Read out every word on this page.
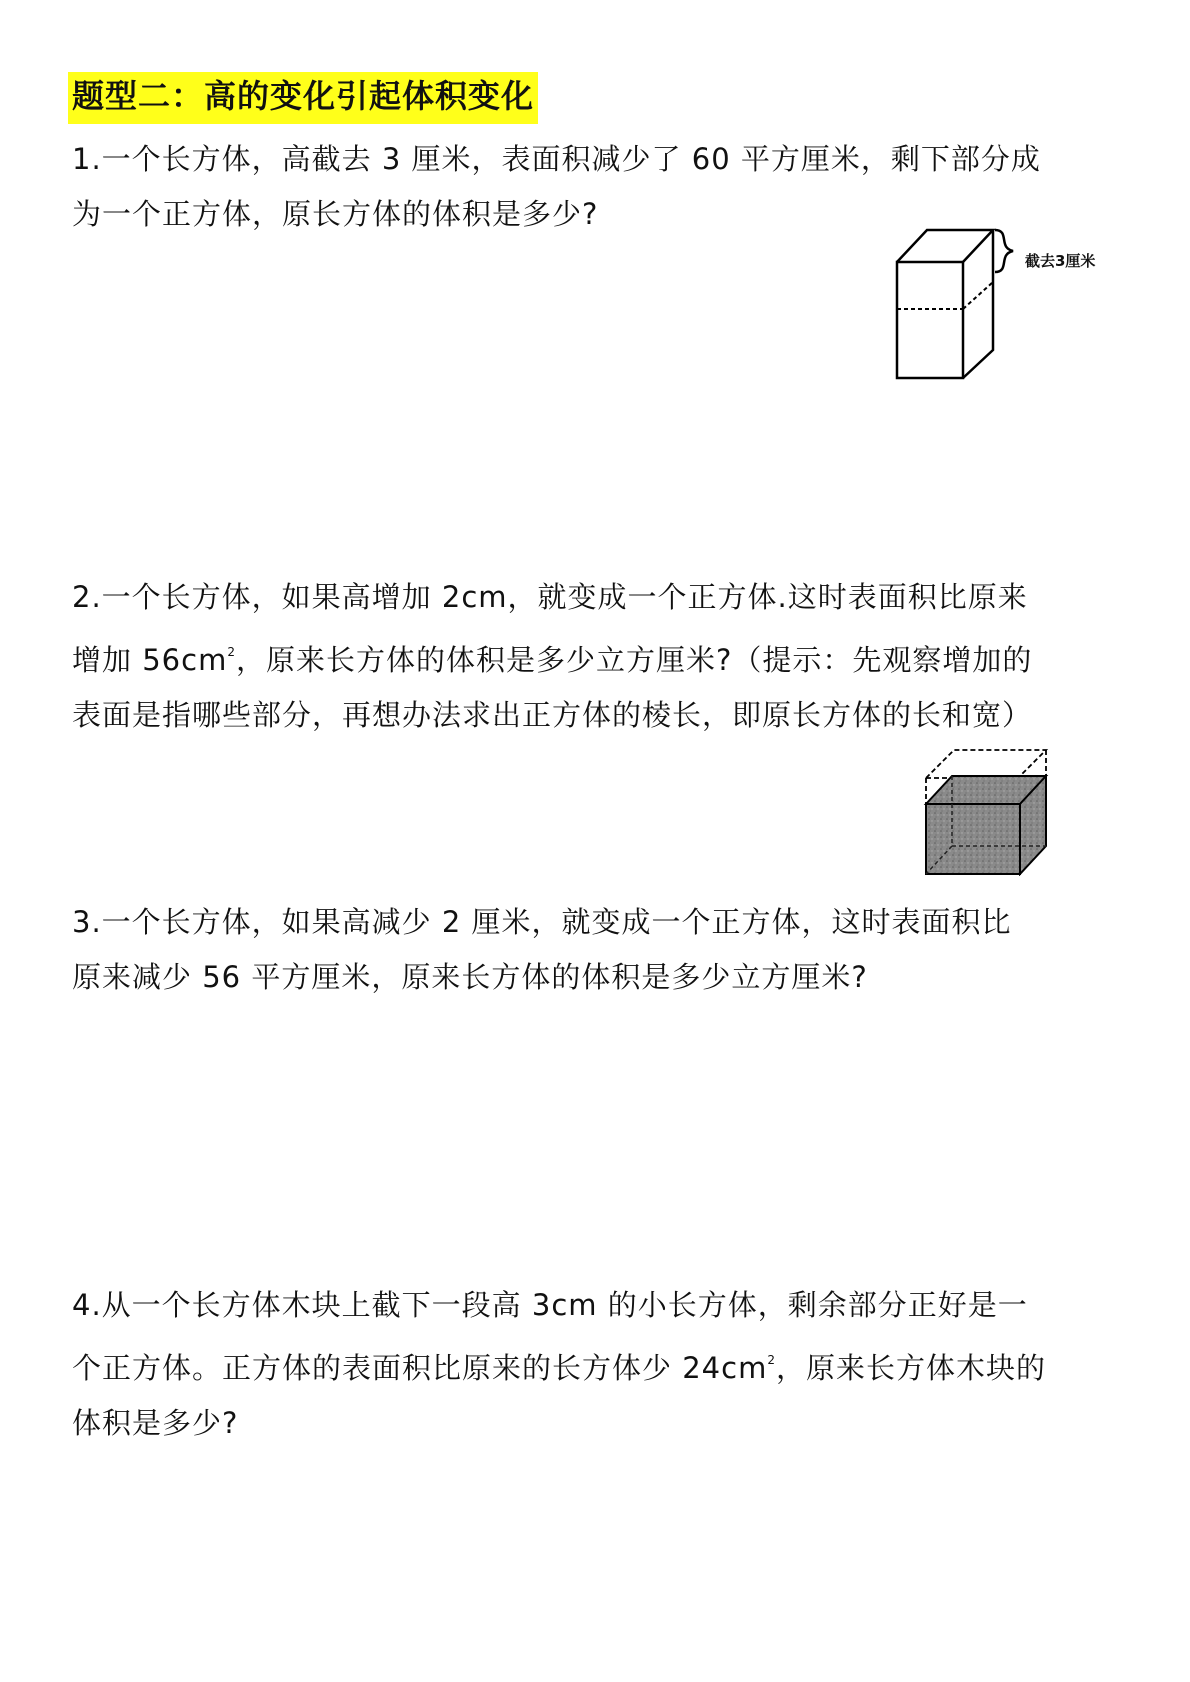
题型二：高的变化引起体积变化
1.一个长方体，高截去 3 厘米，表面积减少了 60 平方厘米，剩下部分成
为一个正方体，原长方体的体积是多少?
截去3厘米
2.一个长方体，如果高增加 2cm，就变成一个正方体.这时表面积比原来
增加 $56cm^2$，原来长方体的体积是多少立方厘米?（提示：先观察增加的
表面是指哪些部分，再想办法求出正方体的棱长，即原长方体的长和宽）
3.一个长方体，如果高减少 2 厘米，就变成一个正方体，这时表面积比
原来减少 56 平方厘米，原来长方体的体积是多少立方厘米?
4.从一个长方体木块上截下一段高 3cm 的小长方体，剩余部分正好是一
个正方体。正方体的表面积比原来的长方体少 $24cm^2$，原来长方体木块的
体积是多少?
